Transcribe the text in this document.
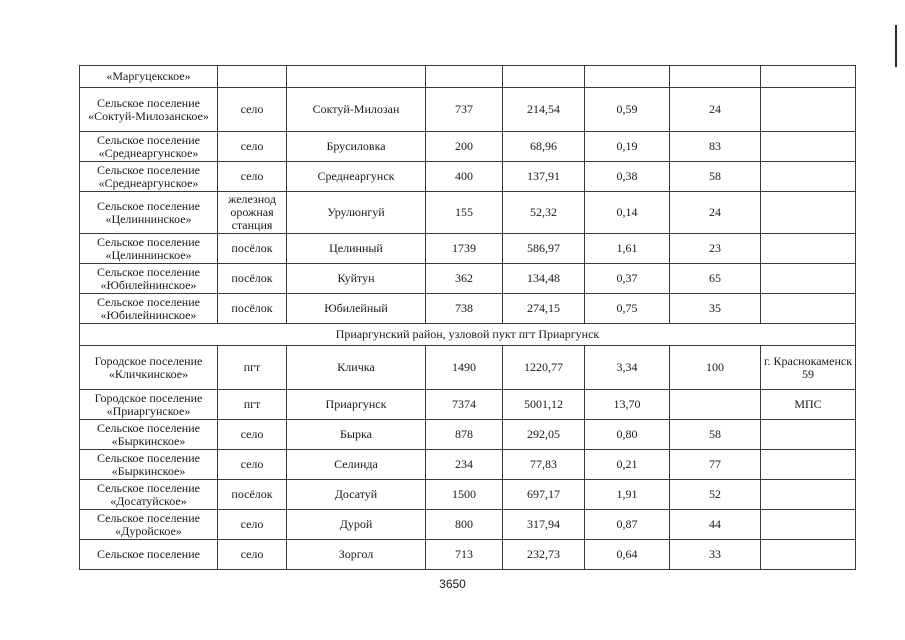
«Маргуцекское»							
Сельское поселение «Соктуй-Милозанское»	село	Соктуй-Милозан	737	214,54	0,59	24	
Сельское поселение «Среднеаргунское»	село	Брусиловка	200	68,96	0,19	83	
Сельское поселение «Среднеаргунское»	село	Среднеаргунск	400	137,91	0,38	58	
Сельское поселение «Целиннинское»	железнод орожная станция	Урулюнгуй	155	52,32	0,14	24	
Сельское поселение «Целиннинское»	посёлок	Целинный	1739	586,97	1,61	23	
Сельское поселение «Юбилейнинское»	посёлок	Куйтун	362	134,48	0,37	65	
Сельское поселение «Юбилейнинское»	посёлок	Юбилейный	738	274,15	0,75	35	
Приаргунский район, узловой пукт пгт Приаргунск							
Городское поселение «Кличкинское»	пгт	Кличка	1490	1220,77	3,34	100	г. Краснокаменск 59
Городское поселение «Приаргунское»	пгт	Приаргунск	7374	5001,12	13,70		МПС
Сельское поселение «Быркинское»	село	Бырка	878	292,05	0,80	58	
Сельское поселение «Быркинское»	село	Селинда	234	77,83	0,21	77	
Сельское поселение «Досатуйское»	посёлок	Досатуй	1500	697,17	1,91	52	
Сельское поселение «Дуройское»	село	Дурой	800	317,94	0,87	44	
Сельское поселение	село	Зоргол	713	232,73	0,64	33	
3650
